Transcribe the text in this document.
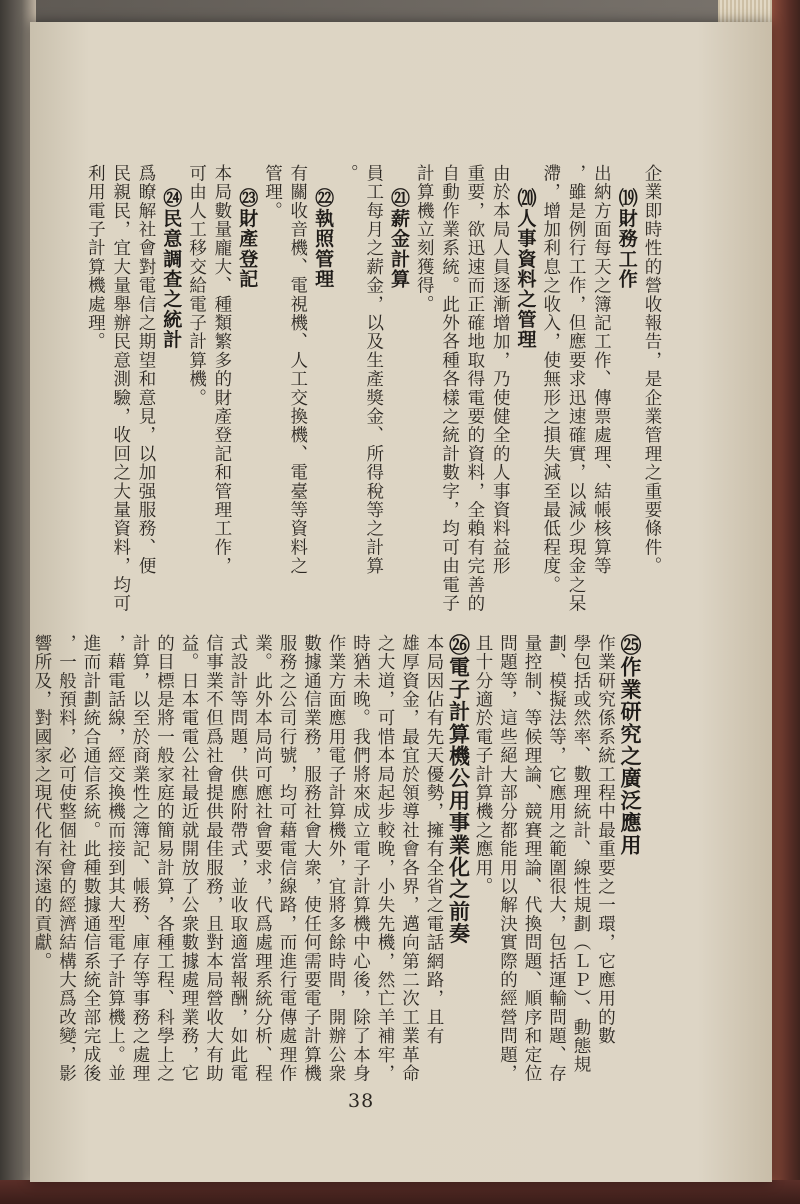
企業即時性的營收報告，是企業管理之重要條件。
⒆財務工作
出納方面每天之簿記工作、傳票處理、結帳核算等
，雖是例行工作，但應要求迅速確實，以減少現金之呆
滯，增加利息之收入，使無形之損失減至最低程度。
⒇人事資料之管理
由於本局人員逐漸增加，乃使健全的人事資料益形
重要，欲迅速而正確地取得電要的資料，全賴有完善的
自動作業系統。此外各種各樣之統計數字，均可由電子
計算機立刻獲得。
㉑薪金計算
員工每月之薪金，以及生產獎金、所得稅等之計算
。
㉒執照管理
有關收音機、電視機、人工交換機、電臺等資料之
管理。
㉓財產登記
本局數量龐大、種類繁多的財產登記和管理工作，
可由人工移交給電子計算機。
㉔民意調查之統計
爲瞭解社會對電信之期望和意見，以加强服務、便
民親民，宜大量舉辦民意測驗，收回之大量資料，均可
利用電子計算機處理。
㉕作業研究之廣泛應用
作業研究係系統工程中最重要之一環，它應用的數
學包括或然率、數理統計、線性規劃（ＬＰ）、動態規
劃、模擬法等，它應用之範圍很大，包括運輸問題、存
量控制、等候理論、競賽理論、代換問題、順序和定位
問題等，這些絕大部分都能用以解決實際的經營問題，
且十分適於電子計算機之應用。
㉖電子計算機公用事業化之前奏
本局因佔有先天優勢，擁有全省之電話網路，且有
雄厚資金，最宜於領導社會各界，邁向第二次工業革命
之大道，可惜本局起步較晚，小失先機，然亡羊補牢，
時猶未晚。我們將來成立電子計算機中心後，除了本身
作業方面應用電子計算機外，宜將多餘時間，開辦公衆
數據通信業務，服務社會大衆，使任何需要電子計算機
服務之公司行號，均可藉電信線路，而進行電傳處理作
業。此外本局尚可應社會要求，代爲處理系統分析、程
式設計等問題，供應附帶式，並收取適當報酬，如此電
信事業不但爲社會提供最佳服務，且對本局營收大有助
益。日本電電公社最近就開放了公衆數據處理業務，它
的目標是將一般家庭的簡易計算，各種工程、科學上之
計算，以至於商業性之簿記、帳務、庫存等事務之處理
，藉電話線，經交換機而接到其大型電子計算機上。並
進而計劃統合通信系統。此種數據通信系統全部完成後
，一般預料，必可使整個社會的經濟結構大爲改變，影
響所及，對國家之現代化有深遠的貢獻。
38
